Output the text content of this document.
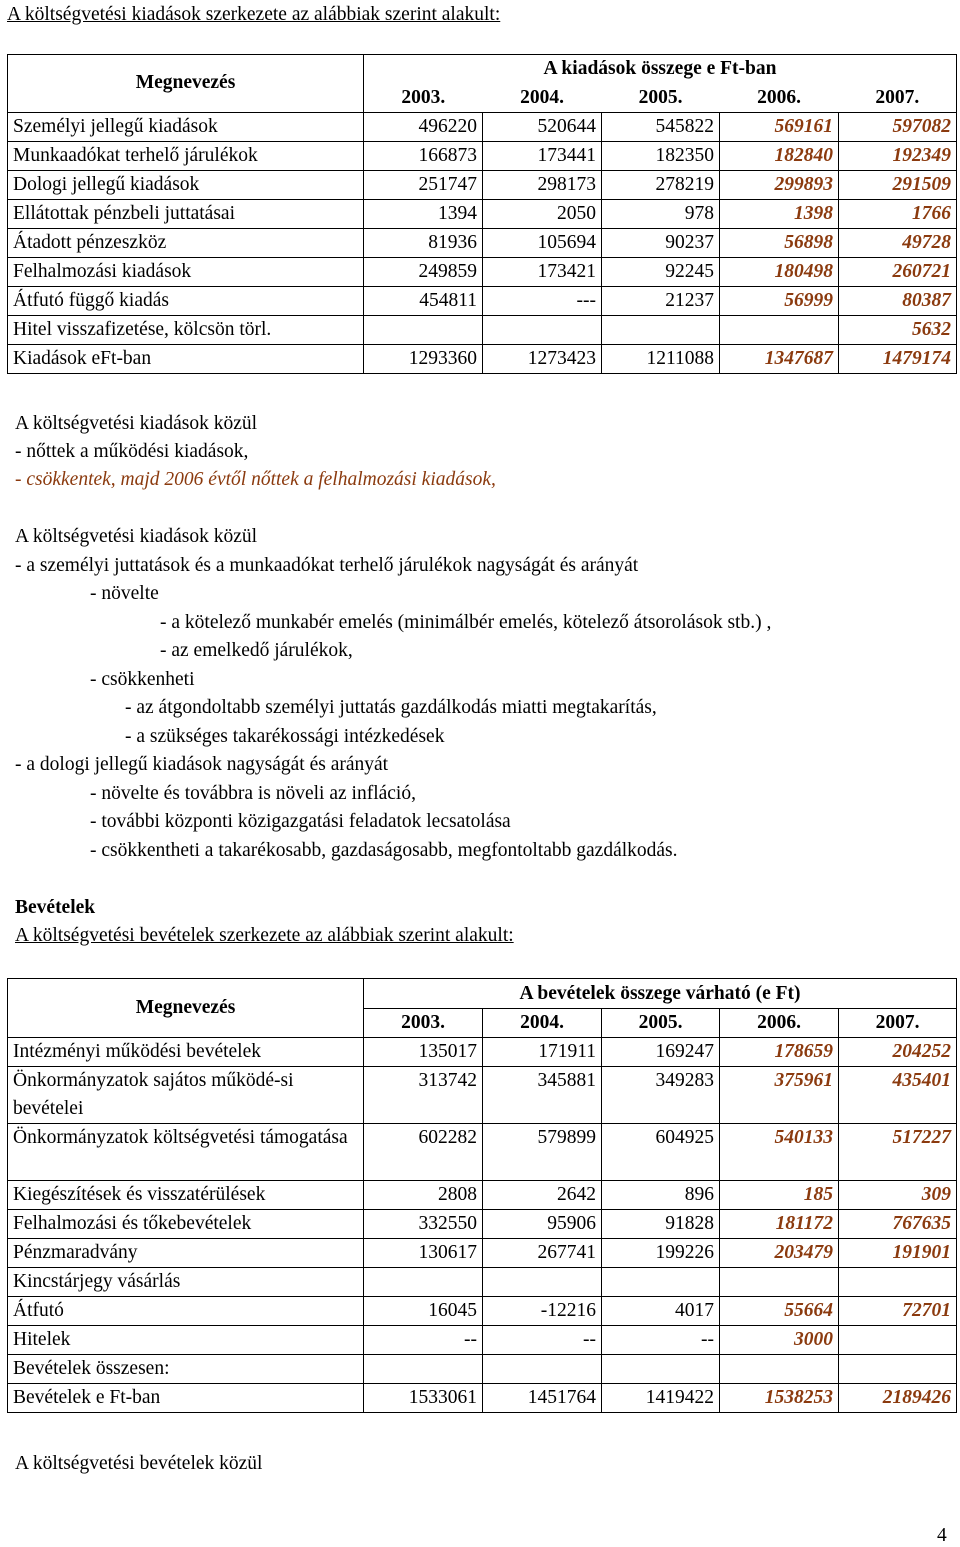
A költségvetési kiadások szerkezete az alábbiak szerint alakult:
Megnevezés	A kiadások összege e Ft-ban				
	2003.	2004.	2005.	2006.	2007.
Személyi jellegű kiadások	496220	520644	545822	569161	597082
Munkaadókat terhelő járulékok	166873	173441	182350	182840	192349
Dologi jellegű kiadások	251747	298173	278219	299893	291509
Ellátottak pénzbeli juttatásai	1394	2050	978	1398	1766
Átadott pénzeszköz	81936	105694	90237	56898	49728
Felhalmozási kiadások	249859	173421	92245	180498	260721
Átfutó függő kiadás	454811	---	21237	56999	80387
Hitel visszafizetése, kölcsön törl.					5632
Kiadások eFt-ban	1293360	1273423	1211088	1347687	1479174
A költségvetési kiadások közül
- nőttek a működési kiadások,
- csökkentek, majd 2006 évtől nőttek a felhalmozási kiadások,
A költségvetési kiadások közül
- a személyi juttatások és a munkaadókat terhelő járulékok nagyságát és arányát
- növelte
- a kötelező munkabér emelés (minimálbér emelés, kötelező átsorolások stb.) ,
- az emelkedő járulékok,
- csökkenheti
- az átgondoltabb személyi juttatás gazdálkodás miatti megtakarítás,
- a szükséges takarékossági intézkedések
- a dologi jellegű kiadások nagyságát és arányát
- növelte és továbbra is növeli az infláció,
- további központi közigazgatási feladatok lecsatolása
- csökkentheti a takarékosabb, gazdaságosabb, megfontoltabb gazdálkodás.
Bevételek
A költségvetési bevételek szerkezete az alábbiak szerint alakult:
Megnevezés	A bevételek összege várható (e Ft)				
	2003.	2004.	2005.	2006.	2007.
Intézményi működési bevételek	135017	171911	169247	178659	204252
Önkormányzatok sajátos működé-si bevételei	313742	345881	349283	375961	435401
Önkormányzatok költségvetési támogatása	602282	579899	604925	540133	517227
Kiegészítések és visszatérülések	2808	2642	896	185	309
Felhalmozási és tőkebevételek	332550	95906	91828	181172	767635
Pénzmaradvány	130617	267741	199226	203479	191901
Kincstárjegy vásárlás					
Átfutó	16045	-12216	4017	55664	72701
Hitelek	--	--	--	3000	
Bevételek összesen:					
Bevételek e Ft-ban	1533061	1451764	1419422	1538253	2189426
A költségvetési bevételek közül
4
